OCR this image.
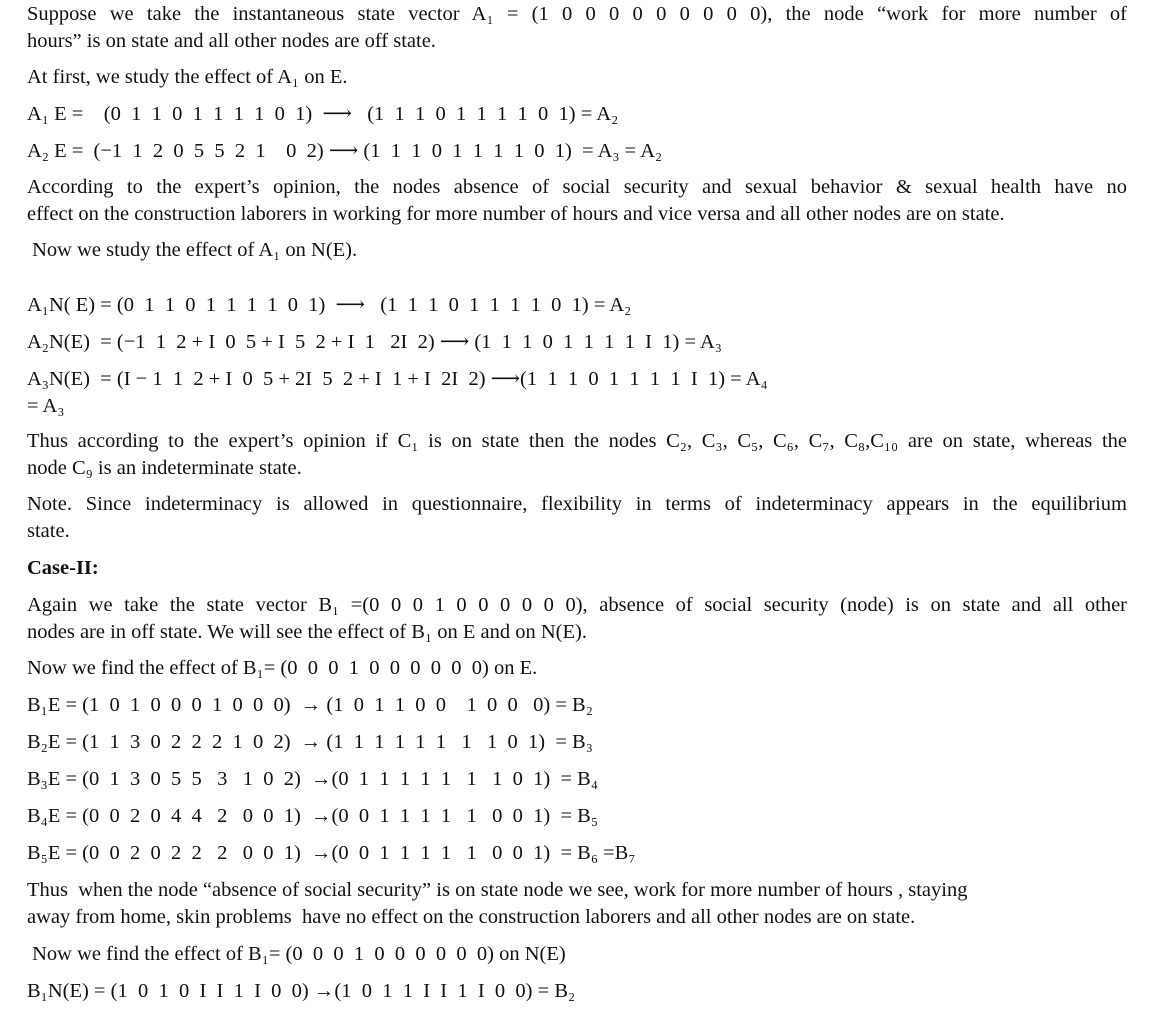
Suppose we take the instantaneous state vector A₁ = (1 0 0 0 0 0 0 0 0 0), the node “work for more number of
hours” is on state and all other nodes are off state.
At first, we study the effect of A₁ on E.
A₁ E =    (0  1  1  0  1  1  1  1  0  1)  ⟶   (1  1  1  0  1  1  1  1  0  1) = A₂
A₂ E =  (−1  1  2  0  5  5  2  1    0  2) ⟶ (1  1  1  0  1  1  1  1  0  1)  = A₃ = A₂
According to the expert’s opinion, the nodes absence of social security and sexual behavior & sexual health have no
effect on the construction laborers in working for more number of hours and vice versa and all other nodes are on state.
Now we study the effect of A₁ on N(E).
A₁N( E) = (0  1  1  0  1  1  1  1  0  1)  ⟶   (1  1  1  0  1  1  1  1  0  1) = A₂
A₂N(E)  = (−1  1  2 + I  0  5 + I  5  2 + I  1   2I  2) ⟶ (1  1  1  0  1  1  1  1  I  1) = A₃
A₃N(E)  = (I − 1  1  2 + I  0  5 + 2I  5  2 + I  1 + I  2I  2) ⟶(1  1  1  0  1  1  1  1  I  1) = A₄
= A₃
Thus according to the expert’s opinion if C₁ is on state then the nodes C₂, C₃, C₅, C₆, C₇, C₈,C₁₀ are on state, whereas the
node C₉ is an indeterminate state.
Note. Since indeterminacy is allowed in questionnaire, flexibility in terms of indeterminacy appears in the equilibrium
state.
Case-II:
Again we take the state vector B₁ =(0 0 0 1 0 0 0 0 0 0), absence of social security (node) is on state and all other
nodes are in off state. We will see the effect of B₁ on E and on N(E).
Now we find the effect of B₁= (0  0  0  1  0  0  0  0  0  0) on E.
B₁E = (1  0  1  0  0  0  1  0  0  0)  → (1  0  1  1  0  0    1  0  0   0) = B₂
B₂E = (1  1  3  0  2  2  2  1  0  2)  → (1  1  1  1  1  1   1   1  0  1)  = B₃
B₃E = (0  1  3  0  5  5   3   1  0  2)  →(0  1  1  1  1  1   1   1  0  1)  = B₄
B₄E = (0  0  2  0  4  4   2   0  0  1)  →(0  0  1  1  1  1   1   0  0  1)  = B₅
B₅E = (0  0  2  0  2  2   2   0  0  1)  →(0  0  1  1  1  1   1   0  0  1)  = B₆ =B₇
Thus  when the node “absence of social security” is on state node we see, work for more number of hours , staying
away from home, skin problems  have no effect on the construction laborers and all other nodes are on state.
Now we find the effect of B₁= (0  0  0  1  0  0  0  0  0  0) on N(E)
B₁N(E) = (1  0  1  0  I  I  1  I  0  0) →(1  0  1  1  I  I  1  I  0  0) = B₂
